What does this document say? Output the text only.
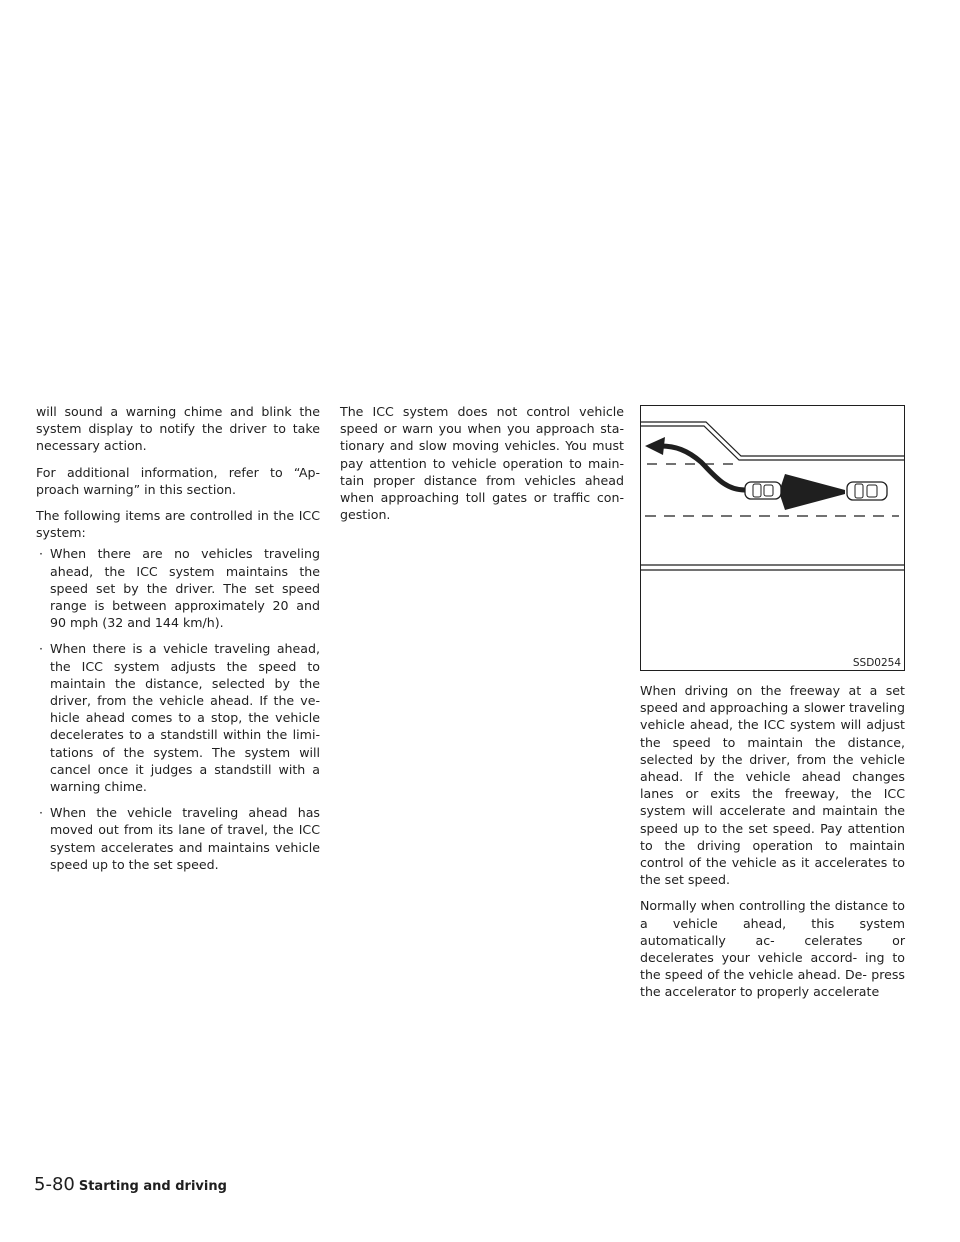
will sound a warning chime and blink the system display to notify the driver to take necessary action.

For additional information, refer to “Ap- proach warning” in this section.

The following items are controlled in the ICC system:

· When there are no vehicles traveling ahead, the ICC system maintains the speed set by the driver. The set speed range is between approximately 20 and 90 mph (32 and 144 km/h).
· When there is a vehicle traveling ahead, the ICC system adjusts the speed to maintain the distance, selected by the driver, from the vehicle ahead. If the ve- hicle ahead comes to a stop, the vehicle decelerates to a standstill within the limi- tations of the system. The system will cancel once it judges a standstill with a warning chime.
· When the vehicle traveling ahead has moved out from its lane of travel, the ICC system accelerates and maintains vehicle speed up to the set speed.

The ICC system does not control vehicle speed or warn you when you approach sta- tionary and slow moving vehicles. You must pay attention to vehicle operation to main- tain proper distance from vehicles ahead when approaching toll gates or traffic con- gestion.

SSD0254

When driving on the freeway at a set speed and approaching a slower traveling vehicle ahead, the ICC system will adjust the speed to maintain the distance, selected by the driver, from the vehicle ahead. If the vehicle ahead changes lanes or exits the freeway, the ICC system will accelerate and maintain the speed up to the set speed. Pay attention to the driving operation to maintain control of the vehicle as it accelerates to the set speed.

Normally when controlling the distance to a vehicle ahead, this system automatically ac- celerates or decelerates your vehicle accord- ing to the speed of the vehicle ahead. De- press the accelerator to properly accelerate

5-80 Starting and driving
